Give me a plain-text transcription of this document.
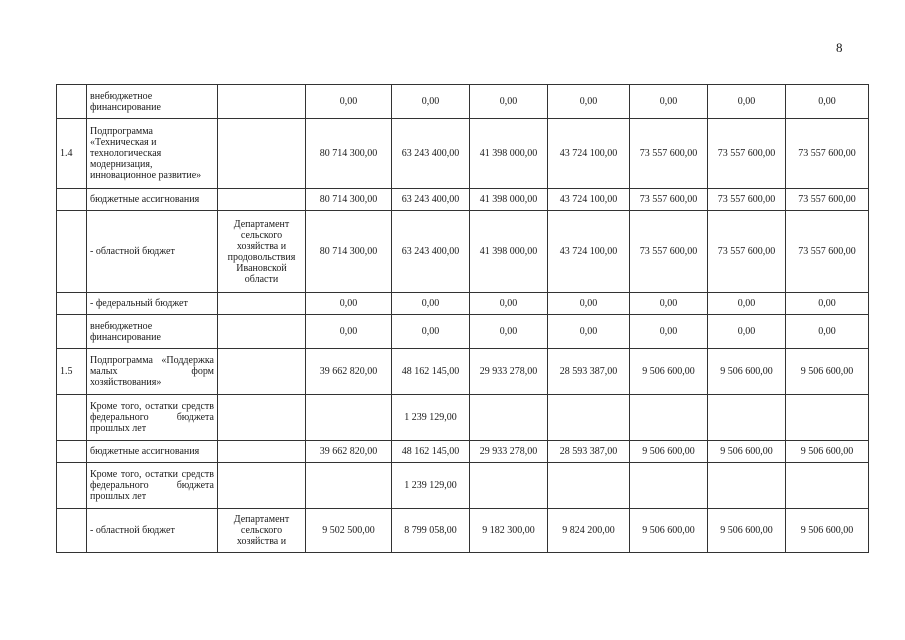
8
	внебюджетное финансирование		0,00	0,00	0,00	0,00	0,00	0,00	0,00
1.4	Подпрограмма «Техническая и технологическая модернизация, инновационное развитие»		80 714 300,00	63 243 400,00	41 398 000,00	43 724 100,00	73 557 600,00	73 557 600,00	73 557 600,00
	бюджетные ассигнования		80 714 300,00	63 243 400,00	41 398 000,00	43 724 100,00	73 557 600,00	73 557 600,00	73 557 600,00
	- областной бюджет	Департамент сельского хозяйства и продовольствия Ивановской области	80 714 300,00	63 243 400,00	41 398 000,00	43 724 100,00	73 557 600,00	73 557 600,00	73 557 600,00
	- федеральный бюджет		0,00	0,00	0,00	0,00	0,00	0,00	0,00
	внебюджетное финансирование		0,00	0,00	0,00	0,00	0,00	0,00	0,00
1.5	Подпрограмма «Поддержка малых форм хозяйствования»		39 662 820,00	48 162 145,00	29 933 278,00	28 593 387,00	9 506 600,00	9 506 600,00	9 506 600,00

	Кроме того, остатки средств федерального бюджета прошлых лет			1 239 129,00					
	бюджетные ассигнования		39 662 820,00	48 162 145,00	29 933 278,00	28 593 387,00	9 506 600,00	9 506 600,00	9 506 600,00

	Кроме того, остатки средств федерального бюджета прошлых лет			1 239 129,00					
	- областной бюджет	Департамент сельского хозяйства и	9 502 500,00	8 799 058,00	9 182 300,00	9 824 200,00	9 506 600,00	9 506 600,00	9 506 600,00
